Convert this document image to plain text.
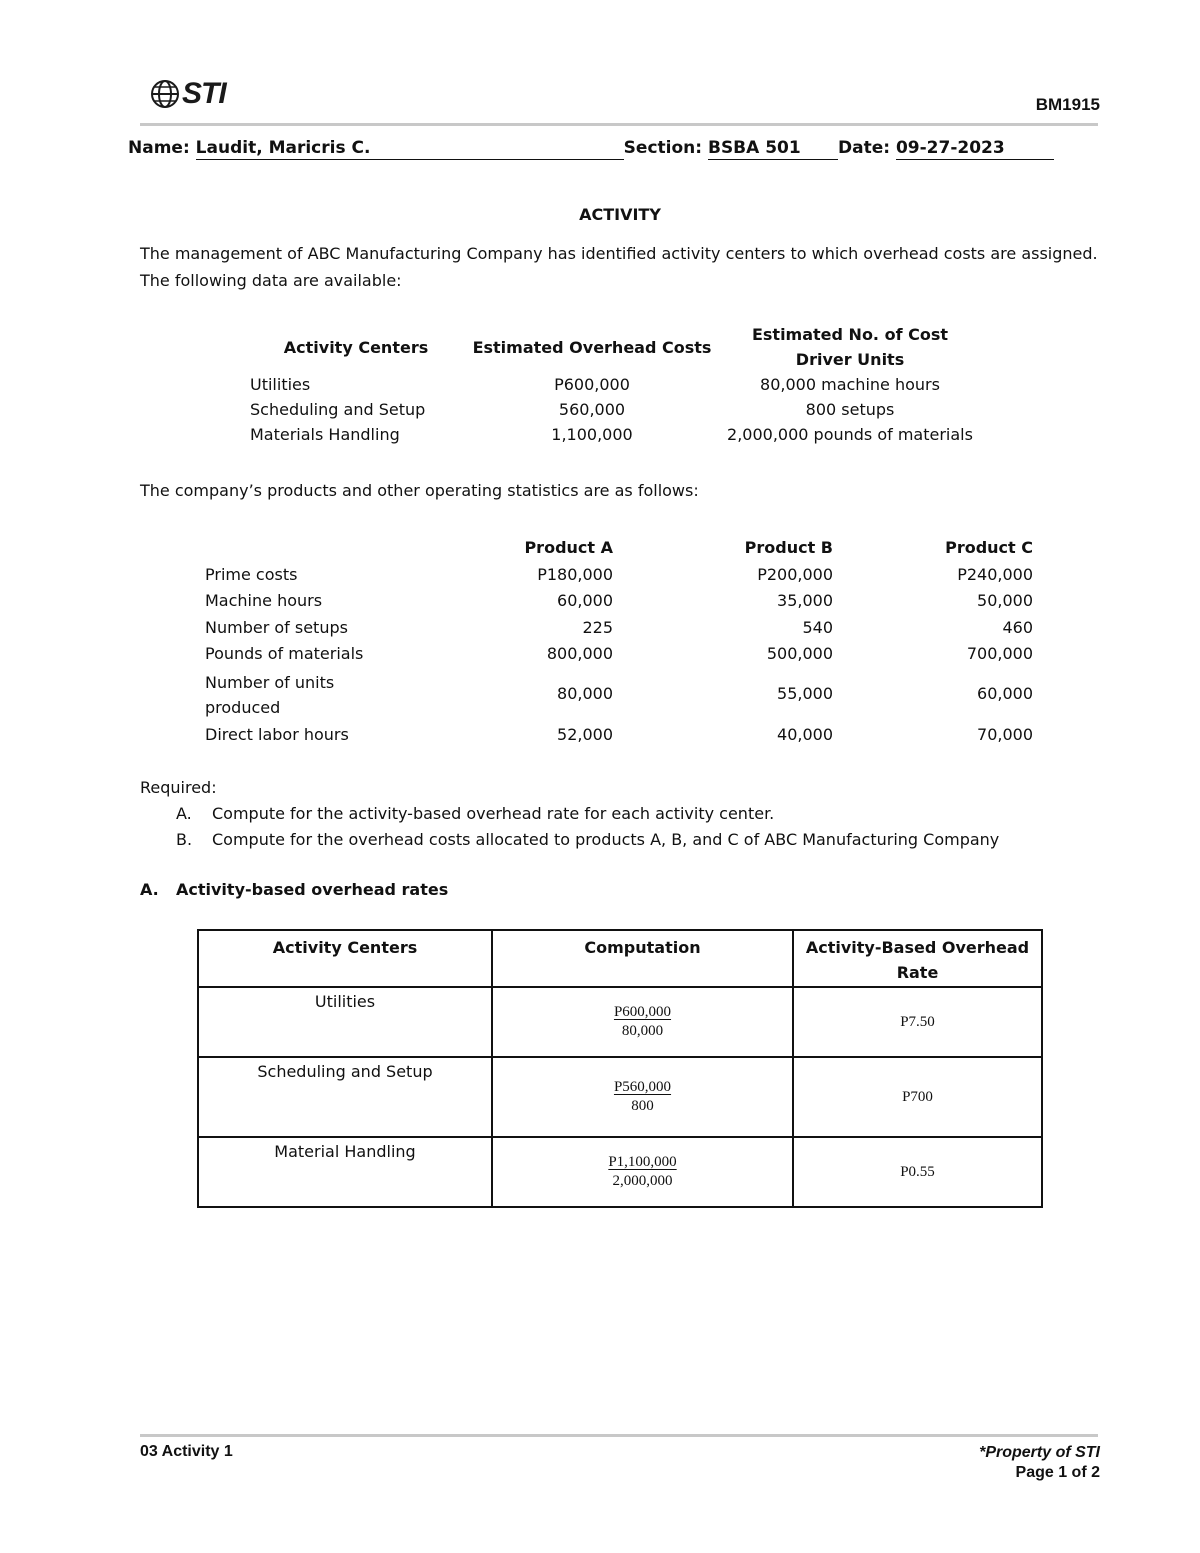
STI	BM1915
Name: Laudit, Maricris C.	Section: BSBA 501 Date: 09-27-2023
ACTIVITY
The management of ABC Manufacturing Company has identified activity centers to which overhead costs are assigned. The following data are available:
Activity Centers	Estimated Overhead Costs	Estimated No. of Cost Driver Units
Utilities	P600,000	80,000 machine hours
Scheduling and Setup	560,000	800 setups
Materials Handling	1,100,000	2,000,000 pounds of materials
The company’s products and other operating statistics are as follows:
	Product A	Product B	Product C
Prime costs	P180,000	P200,000	P240,000
Machine hours	60,000	35,000	50,000
Number of setups	225	540	460
Pounds of materials	800,000	500,000	700,000
Number of units produced	80,000	55,000	60,000
Direct labor hours	52,000	40,000	70,000
Required:
A.	Compute for the activity-based overhead rate for each activity center.
B.	Compute for the overhead costs allocated to products A, B, and C of ABC Manufacturing Company
A. Activity-based overhead rates
Activity Centers	Computation	Activity-Based Overhead Rate
Utilities	$\frac{P600,000}{80,000}$	P7.50
Scheduling and Setup	$\frac{P560,000}{800}$	P700
Material Handling	$\frac{P1,100,000}{2,000,000}$	P0.55
03 Activity 1	*Property of STI
Page 1 of 2
